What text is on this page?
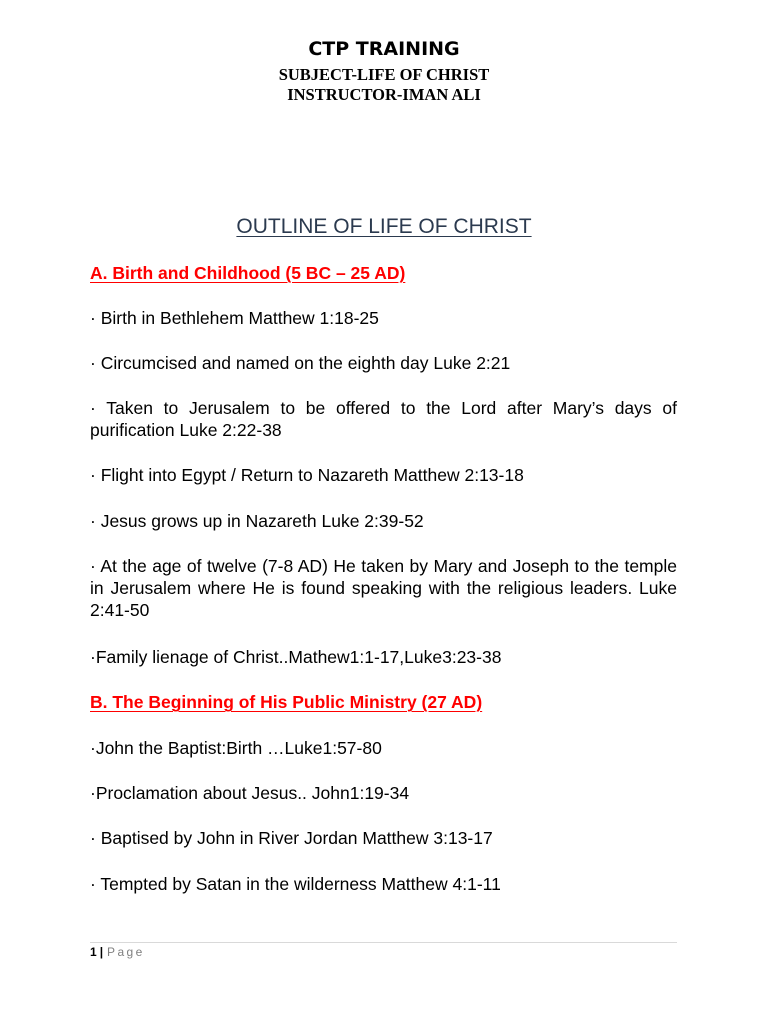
CTP TRAINING
SUBJECT-LIFE OF CHRIST
INSTRUCTOR-IMAN ALI
OUTLINE OF LIFE OF CHRIST
A. Birth and Childhood (5 BC – 25 AD)
· Birth in Bethlehem Matthew 1:18-25
· Circumcised and named on the eighth day Luke 2:21
· Taken to Jerusalem to be offered to the Lord after Mary’s days of purification Luke 2:22-38
· Flight into Egypt / Return to Nazareth Matthew 2:13-18
· Jesus grows up in Nazareth Luke 2:39-52
· At the age of twelve (7-8 AD) He taken by Mary and Joseph to the temple in Jerusalem where He is found speaking with the religious leaders. Luke 2:41-50
·Family lienage of Christ..Mathew1:1-17,Luke3:23-38
B. The Beginning of His Public Ministry (27 AD)
·John the Baptist:Birth …Luke1:57-80
·Proclamation about Jesus.. John1:19-34
· Baptised by John in River Jordan Matthew 3:13-17
· Tempted by Satan in the wilderness Matthew 4:1-11
1 | Page
